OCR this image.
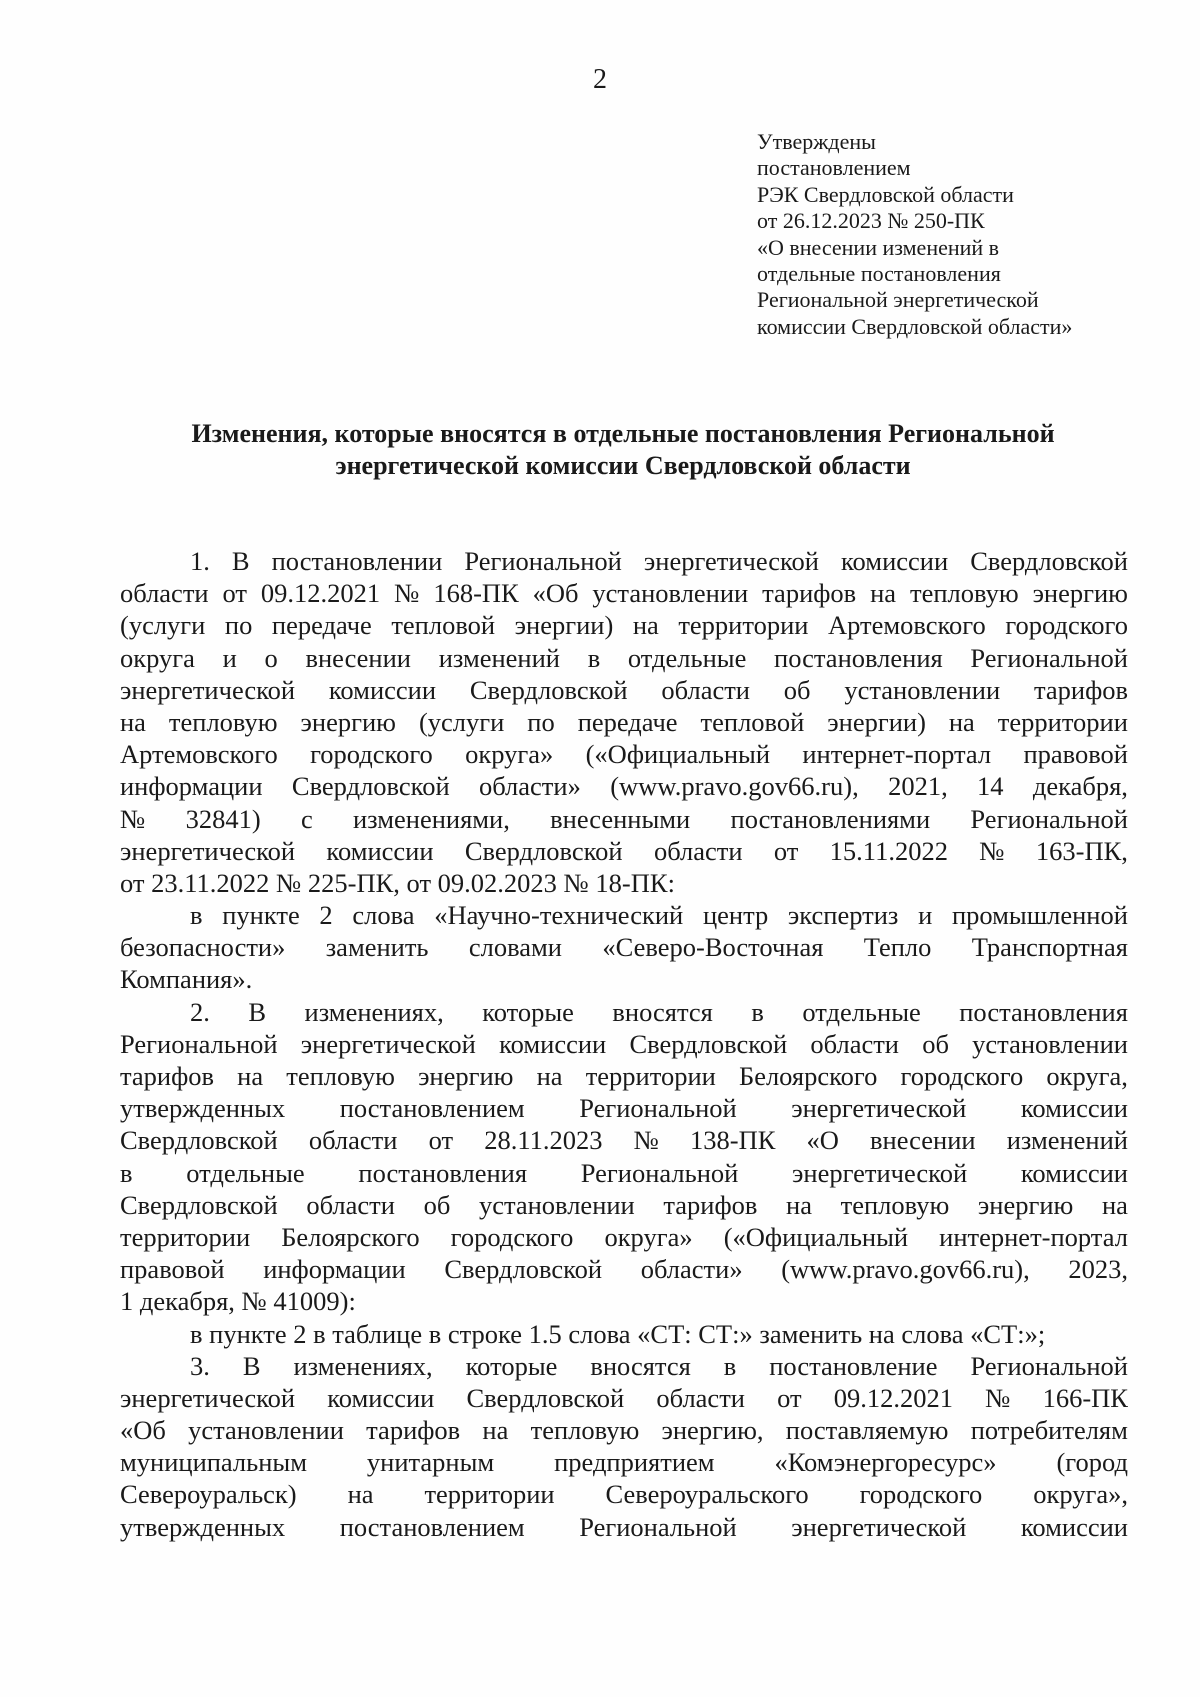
2
Утверждены
постановлением
РЭК Свердловской области
от 26.12.2023 № 250-ПК
«О внесении изменений в
отдельные постановления
Региональной энергетической
комиссии Свердловской области»
Изменения, которые вносятся в отдельные постановления Региональной
энергетической комиссии Свердловской области
1. В постановлении Региональной энергетической комиссии Свердловской
области от 09.12.2021 № 168-ПК «Об установлении тарифов на тепловую энергию
(услуги по передаче тепловой энергии) на территории Артемовского городского
округа и о внесении изменений в отдельные постановления Региональной
энергетической комиссии Свердловской области об установлении тарифов
на тепловую энергию (услуги по передаче тепловой энергии) на территории
Артемовского городского округа» («Официальный интернет-портал правовой
информации Свердловской области» (www.pravo.gov66.ru), 2021, 14 декабря,
№ 32841) с изменениями, внесенными постановлениями Региональной
энергетической комиссии Свердловской области от 15.11.2022 № 163-ПК,
от 23.11.2022 № 225-ПК, от 09.02.2023 № 18-ПК:
в пункте 2 слова «Научно-технический центр экспертиз и промышленной
безопасности» заменить словами «Северо-Восточная Тепло Транспортная
Компания».
2. В изменениях, которые вносятся в отдельные постановления
Региональной энергетической комиссии Свердловской области об установлении
тарифов на тепловую энергию на территории Белоярского городского округа,
утвержденных постановлением Региональной энергетической комиссии
Свердловской области от 28.11.2023 № 138-ПК «О внесении изменений
в отдельные постановления Региональной энергетической комиссии
Свердловской области об установлении тарифов на тепловую энергию на
территории Белоярского городского округа» («Официальный интернет-портал
правовой информации Свердловской области» (www.pravo.gov66.ru), 2023,
1 декабря, № 41009):
в пункте 2 в таблице в строке 1.5 слова «СТ: СТ:» заменить на слова «СТ:»;
3. В изменениях, которые вносятся в постановление Региональной
энергетической комиссии Свердловской области от 09.12.2021 № 166-ПК
«Об установлении тарифов на тепловую энергию, поставляемую потребителям
муниципальным унитарным предприятием «Комэнергоресурс» (город
Североуральск) на территории Североуральского городского округа»,
утвержденных постановлением Региональной энергетической комиссии
